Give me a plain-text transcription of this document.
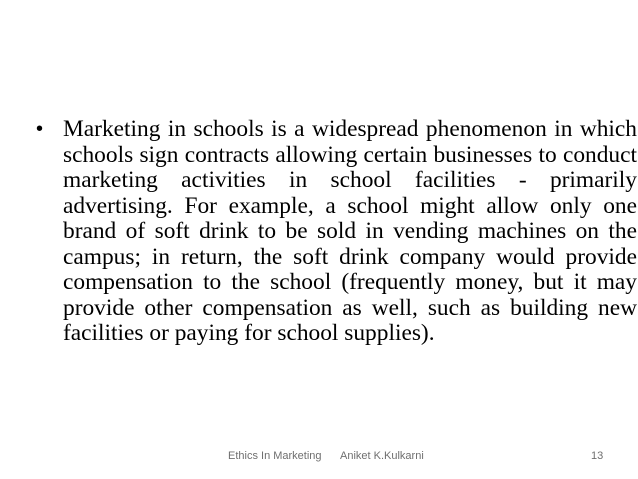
• Marketing in schools is a widespread phenomenon in which schools sign contracts allowing certain businesses to conduct marketing activities in school facilities - primarily advertising. For example, a school might allow only one brand of soft drink to be sold in vending machines on the campus; in return, the soft drink company would provide compensation to the school (frequently money, but it may provide other compensation as well, such as building new facilities or paying for school supplies).
Ethics In Marketing Aniket K.Kulkarni	13
